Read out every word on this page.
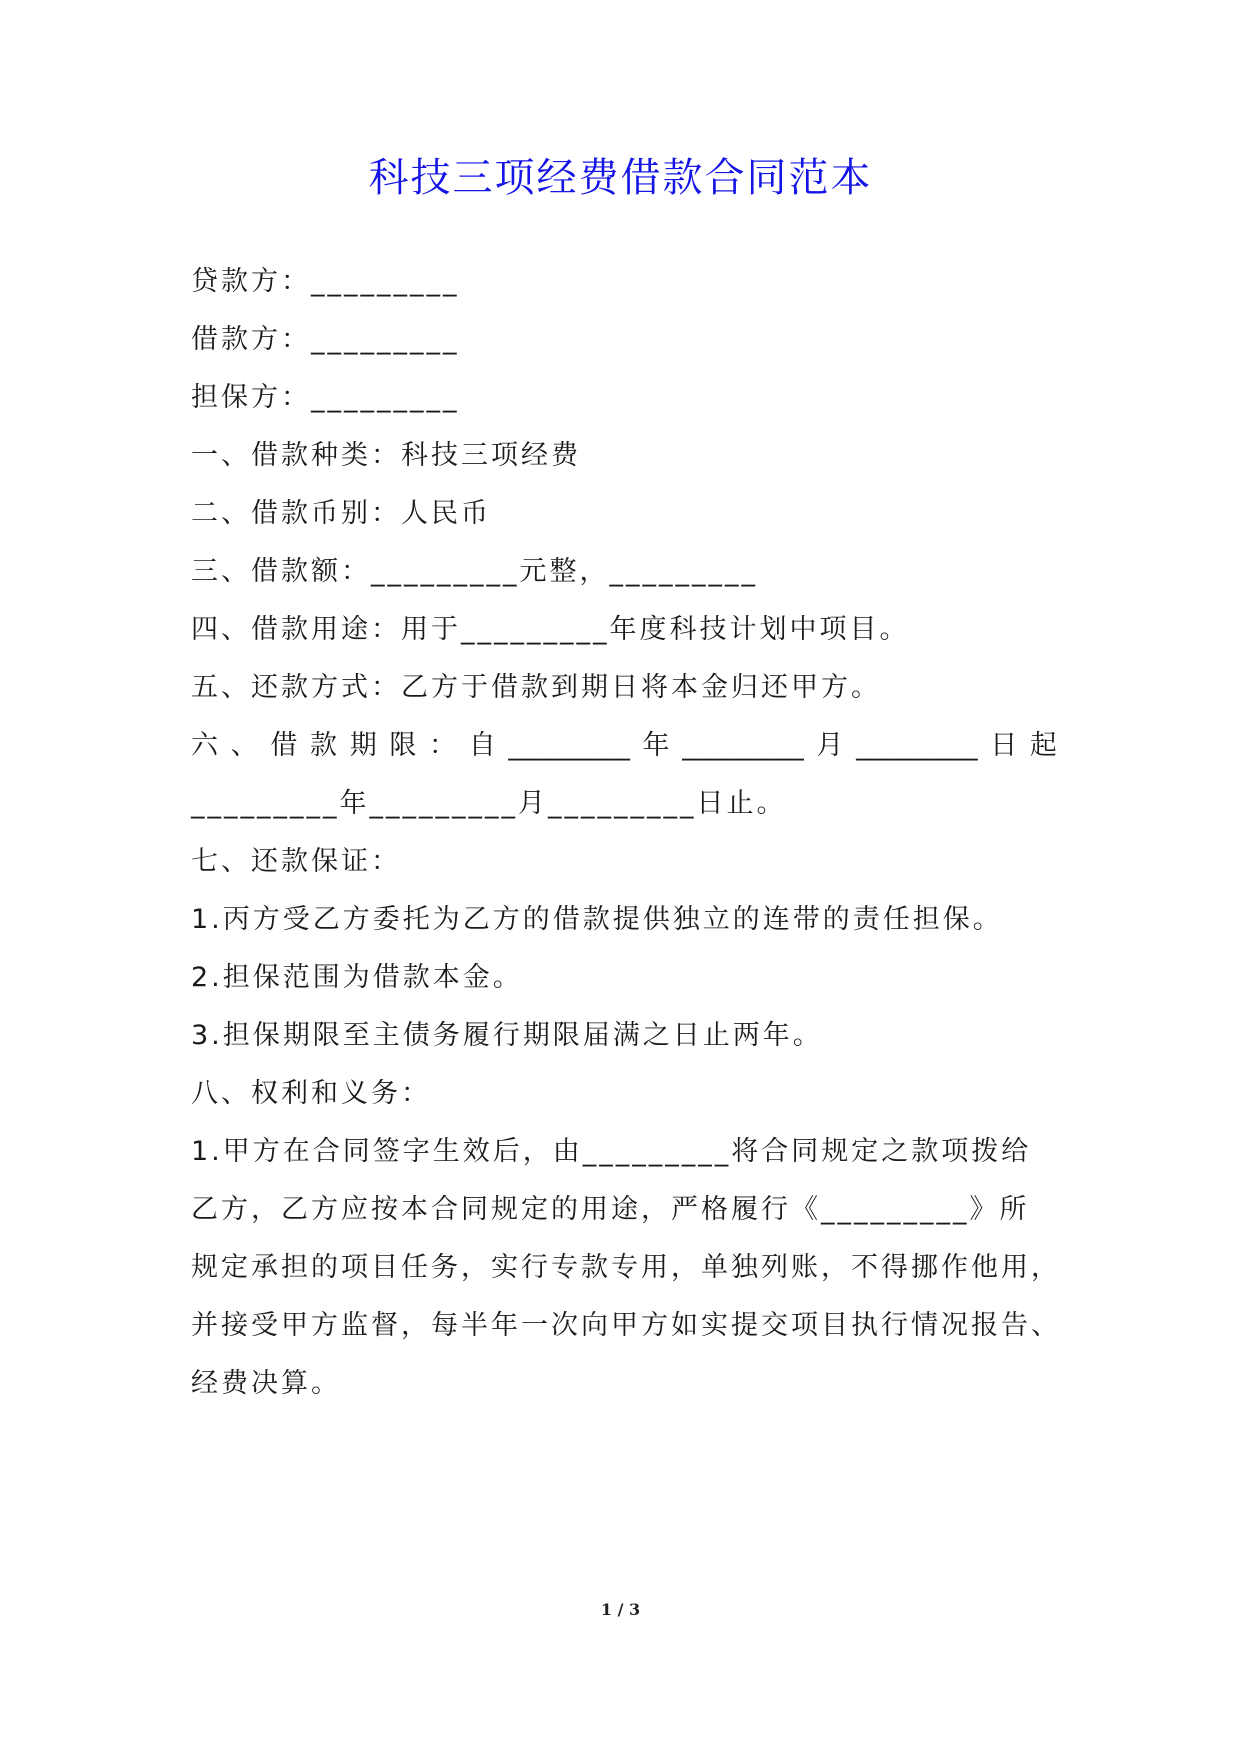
科技三项经费借款合同范本
贷款方：_________
借款方：_________
担保方：_________
一、借款种类：科技三项经费
二、借款币别：人民币
三、借款额：_________元整，_________
四、借款用途：用于_________年度科技计划中项目。
五、还款方式：乙方于借款到期日将本金归还甲方。
六 、 借 款 期 限 ： 自 _________ 年 _________ 月 _________ 日 起
_________年_________月_________日止。
七、还款保证：
1.丙方受乙方委托为乙方的借款提供独立的连带的责任担保。
2.担保范围为借款本金。
3.担保期限至主债务履行期限届满之日止两年。
八、权利和义务：
1.甲方在合同签字生效后，由_________将合同规定之款项拨给
乙方，乙方应按本合同规定的用途，严格履行《_________》所
规定承担的项目任务，实行专款专用，单独列账，不得挪作他用，
并接受甲方监督，每半年一次向甲方如实提交项目执行情况报告、
经费决算。
1 / 3
